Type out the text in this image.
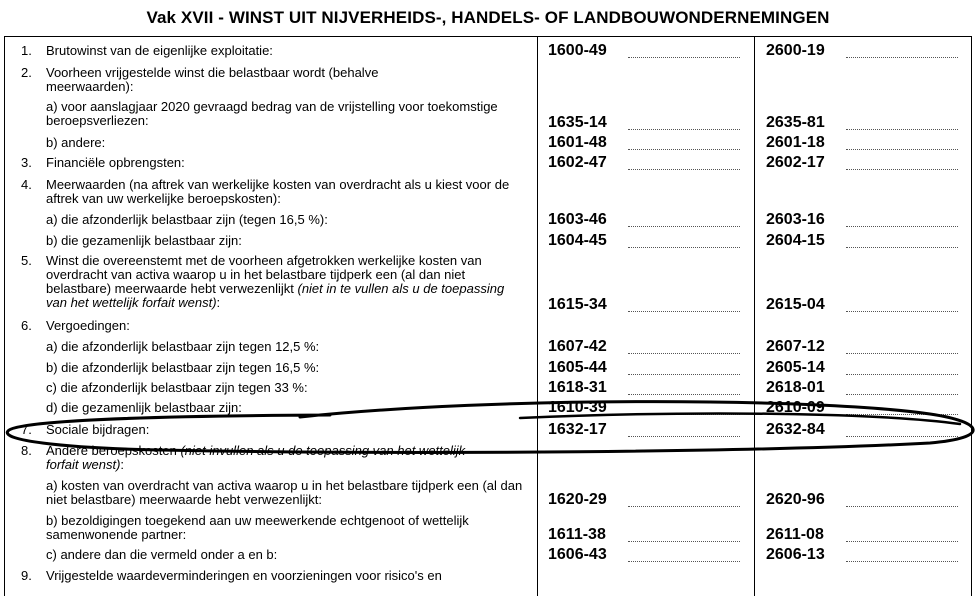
Vak XVII - WINST UIT NIJVERHEIDS-, HANDELS- OF LANDBOUWONDERNEMINGEN
1. Brutowinst van de eigenlijke exploitatie:	1600-49	2600-19
2. Voorheen vrijgestelde winst die belastbaar wordt (behalve meerwaarden):
a) voor aanslagjaar 2020 gevraagd bedrag van de vrijstelling voor toekomstige beroepsverliezen:	1635-14	2635-81
b) andere:	1601-48	2601-18
3. Financiële opbrengsten:	1602-47	2602-17
4. Meerwaarden (na aftrek van werkelijke kosten van overdracht als u kiest voor de aftrek van uw werkelijke beroepskosten):
a) die afzonderlijk belastbaar zijn (tegen 16,5 %):	1603-46	2603-16
b) die gezamenlijk belastbaar zijn:	1604-45	2604-15
5. Winst die overeenstemt met de voorheen afgetrokken werkelijke kosten van overdracht van activa waarop u in het belastbare tijdperk een (al dan niet belastbare) meerwaarde hebt verwezenlijkt (niet in te vullen als u de toepassing van het wettelijk forfait wenst):	1615-34	2615-04
6. Vergoedingen:
a) die afzonderlijk belastbaar zijn tegen 12,5 %:	1607-42	2607-12
b) die afzonderlijk belastbaar zijn tegen 16,5 %:	1605-44	2605-14
c) die afzonderlijk belastbaar zijn tegen 33 %:	1618-31	2618-01
d) die gezamenlijk belastbaar zijn:	1610-39	2610-09
7. Sociale bijdragen:	1632-17	2632-84
8. Andere beroepskosten (niet invullen als u de toepassing van het wettelijk forfait wenst):
a) kosten van overdracht van activa waarop u in het belastbare tijdperk een (al dan niet belastbare) meerwaarde hebt verwezenlijkt:	1620-29	2620-96
b) bezoldigingen toegekend aan uw meewerkende echtgenoot of wettelijk samenwonende partner:	1611-38	2611-08
c) andere dan die vermeld onder a en b:	1606-43	2606-13
9. Vrijgestelde waardeverminderingen en voorzieningen voor risico's en
